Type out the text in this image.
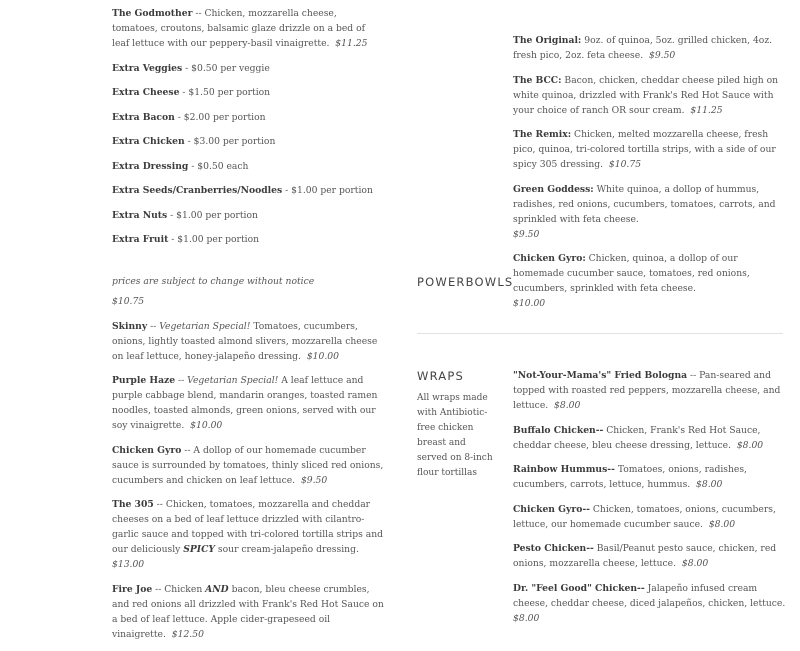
The Godmother -- Chicken, mozzarella cheese, tomatoes, croutons, balsamic glaze drizzle on a bed of leaf lettuce with our peppery-basil vinaigrette. $11.25
Extra Veggies - $0.50 per veggie
Extra Cheese - $1.50 per portion
Extra Bacon - $2.00 per portion
Extra Chicken - $3.00 per portion
Extra Dressing - $0.50 each
Extra Seeds/Cranberries/Noodles - $1.00 per portion
Extra Nuts - $1.00 per portion
Extra Fruit - $1.00 per portion
prices are subject to change without notice
$10.75
Skinny -- Vegetarian Special! Tomatoes, cucumbers, onions, lightly toasted almond slivers, mozzarella cheese on leaf lettuce, honey-jalapeño dressing. $10.00
Purple Haze -- Vegetarian Special! A leaf lettuce and purple cabbage blend, mandarin oranges, toasted ramen noodles, toasted almonds, green onions, served with our soy vinaigrette. $10.00
Chicken Gyro -- A dollop of our homemade cucumber sauce is surrounded by tomatoes, thinly sliced red onions, cucumbers and chicken on leaf lettuce. $9.50
The 305 -- Chicken, tomatoes, mozzarella and cheddar cheeses on a bed of leaf lettuce drizzled with cilantro-garlic sauce and topped with tri-colored tortilla strips and our deliciously SPICY sour cream-jalapeño dressing.  $13.00
Fire Joe -- Chicken AND bacon, bleu cheese crumbles, and red onions all drizzled with Frank's Red Hot Sauce on a bed of leaf lettuce. Apple cider-grapeseed oil vinaigrette. $12.50
The Original: 9oz. of quinoa, 5oz. grilled chicken, 4oz. fresh pico, 2oz. feta cheese. $9.50
The BCC: Bacon, chicken, cheddar cheese piled high on white quinoa, drizzled with Frank's Red Hot Sauce with your choice of ranch OR sour cream. $11.25
The Remix: Chicken, melted mozzarella cheese, fresh pico, quinoa, tri-colored tortilla strips, with a side of our spicy 305 dressing. $10.75
Green Goddess: White quinoa, a dollop of hummus, radishes, red onions, cucumbers, tomatoes, carrots, and sprinkled with feta cheese.
$9.50
Chicken Gyro: Chicken, quinoa, a dollop of our homemade cucumber sauce, tomatoes, red onions, cucumbers, sprinkled with feta cheese.
$10.00
POWERBOWLS
WRAPS
All wraps made with Antibiotic-free chicken breast and served on 8-inch flour tortillas
"Not-Your-Mama's" Fried Bologna -- Pan-seared and topped with roasted red peppers, mozzarella cheese, and lettuce. $8.00
Buffalo Chicken-- Chicken, Frank's Red Hot Sauce, cheddar cheese, bleu cheese dressing, lettuce. $8.00
Rainbow Hummus-- Tomatoes, onions, radishes, cucumbers, carrots, lettuce, hummus. $8.00
Chicken Gyro-- Chicken, tomatoes, onions, cucumbers, lettuce, our homemade cucumber sauce. $8.00
Pesto Chicken-- Basil/Peanut pesto sauce, chicken, red onions, mozzarella cheese, lettuce. $8.00
Dr. "Feel Good" Chicken-- Jalapeño infused cream cheese, cheddar cheese, diced jalapeños, chicken, lettuce.  $8.00
